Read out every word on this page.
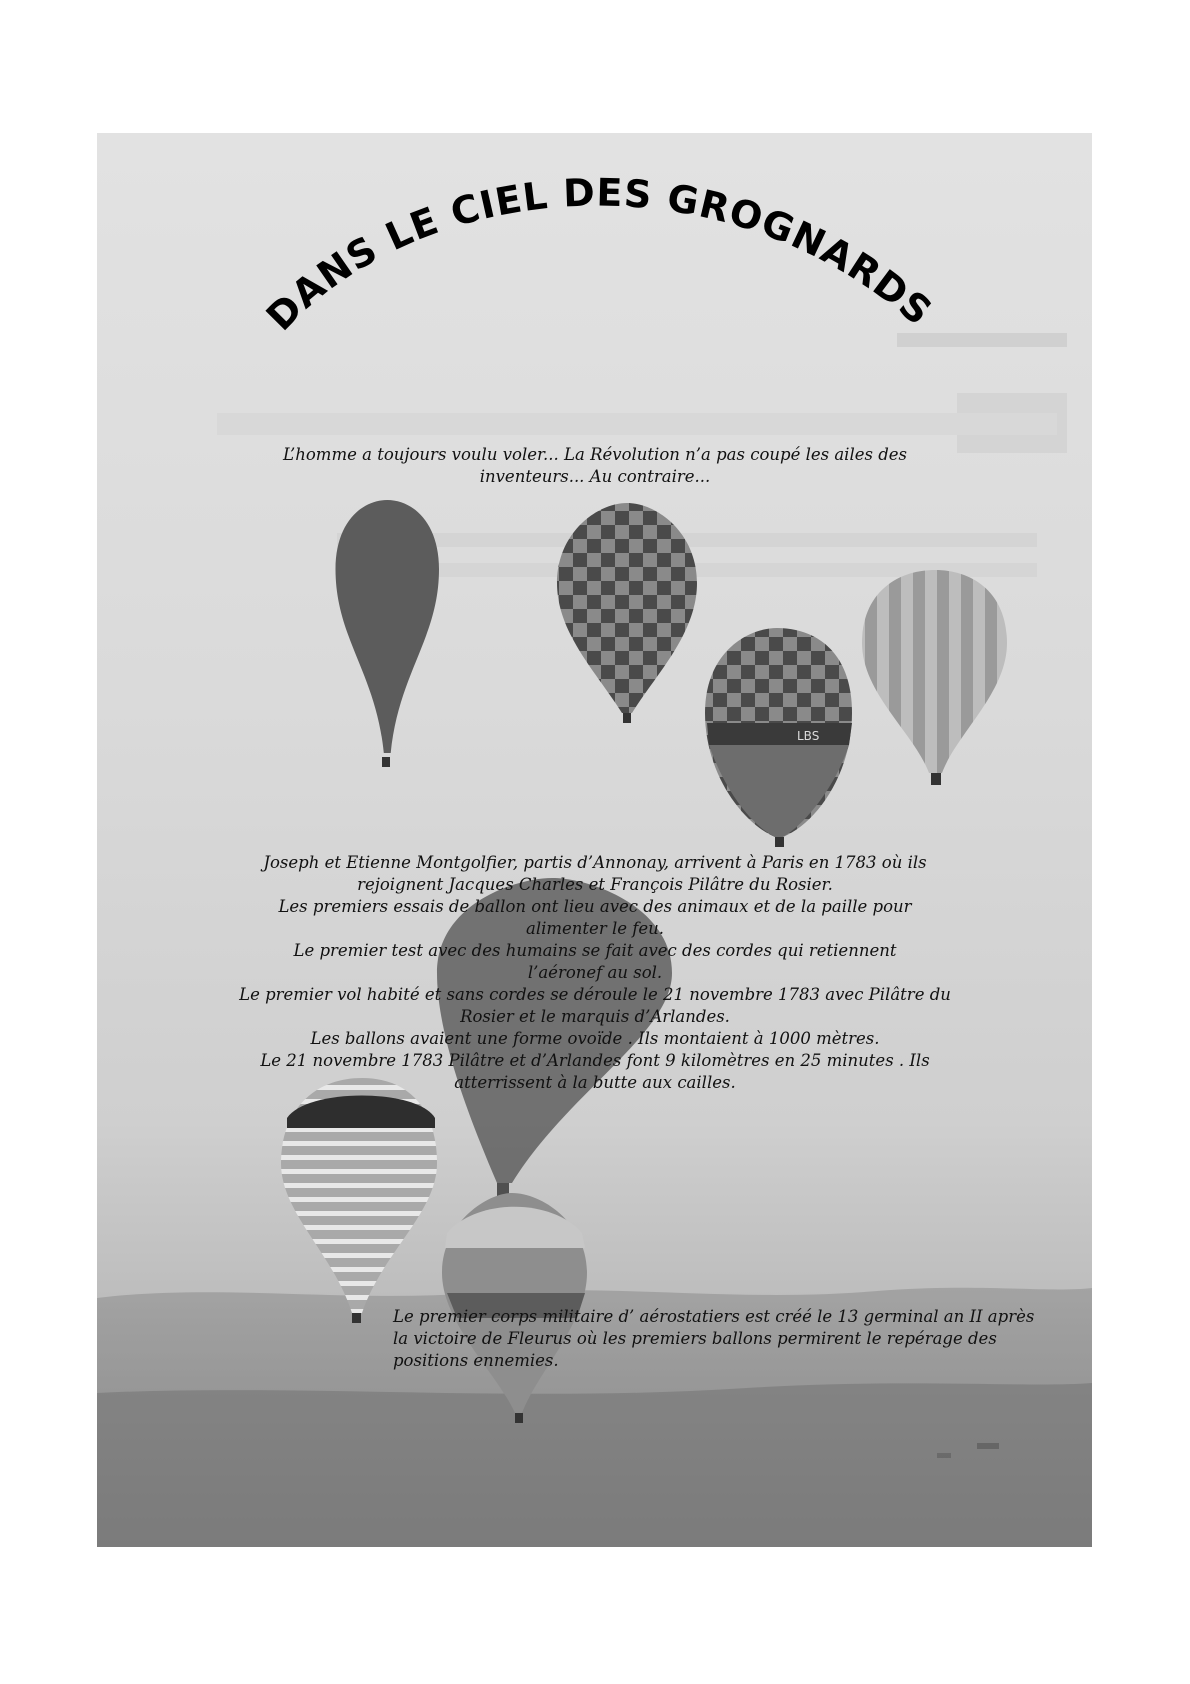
LBS
DANS LE CIEL DES GROGNARDS

L’homme a toujours voulu voler... La Révolution n’a pas coupé les ailes des

inventeurs... Au contraire...

Joseph et Etienne Montgolfier, partis d’Annonay, arrivent à Paris en 1783 où ils

rejoignent Jacques Charles et François Pilâtre du Rosier.

Les premiers essais de ballon ont lieu avec des animaux et de la paille pour

alimenter le feu.

Le premier test avec des humains se fait avec des cordes qui retiennent

l’aéronef au sol.

Le premier vol habité et sans cordes se déroule le 21 novembre 1783 avec Pilâtre du

Rosier et le marquis d’Arlandes.

Les ballons avaient une forme ovoïde . Ils montaient à 1000 mètres.

Le 21 novembre 1783 Pilâtre et d’Arlandes font 9 kilomètres en 25 minutes . Ils

atterrissent à la butte aux cailles.

Le premier corps militaire d’ aérostatiers est créé le 13 germinal an II après

la victoire de Fleurus où les premiers ballons permirent le repérage des

positions ennemies.
